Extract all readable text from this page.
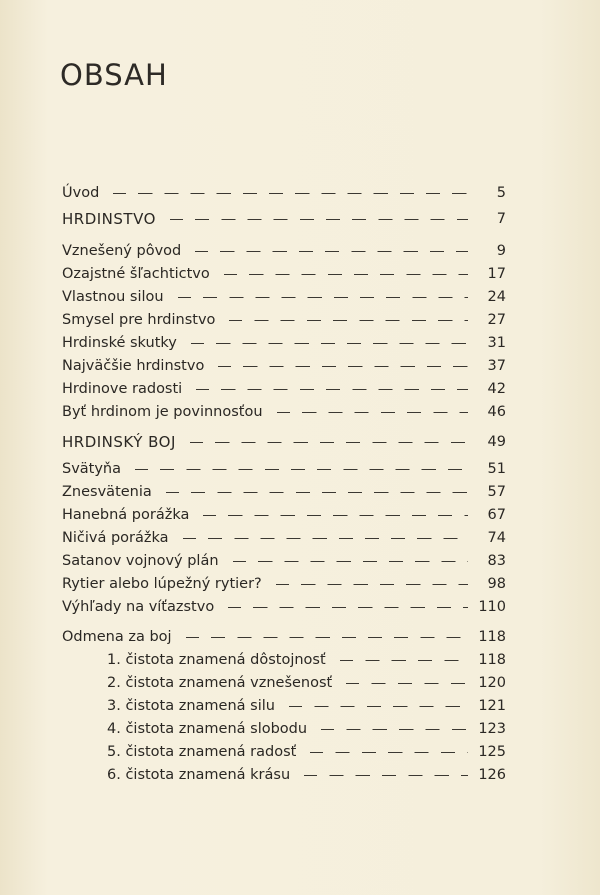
OBSAH
Úvod	5
HRDINSTVO	7
Vznešený pôvod	9
Ozajstné šľachtictvo	17
Vlastnou silou	24
Smysel pre hrdinstvo	27
Hrdinské skutky	31
Najväčšie hrdinstvo	37
Hrdinove radosti	42
Byť hrdinom je povinnosťou	46
HRDINSKÝ BOJ	49
Svätyňa	51
Znesvätenia	57
Hanebná porážka	67
Ničivá porážka	74
Satanov vojnový plán	83
Rytier alebo lúpežný rytier?	98
Výhľady na víťazstvo	110
Odmena za boj	118
1. čistota znamená dôstojnosť	118
2. čistota znamená vznešenosť	120
3. čistota znamená silu	121
4. čistota znamená slobodu	123
5. čistota znamená radosť	125
6. čistota znamená krásu	126
